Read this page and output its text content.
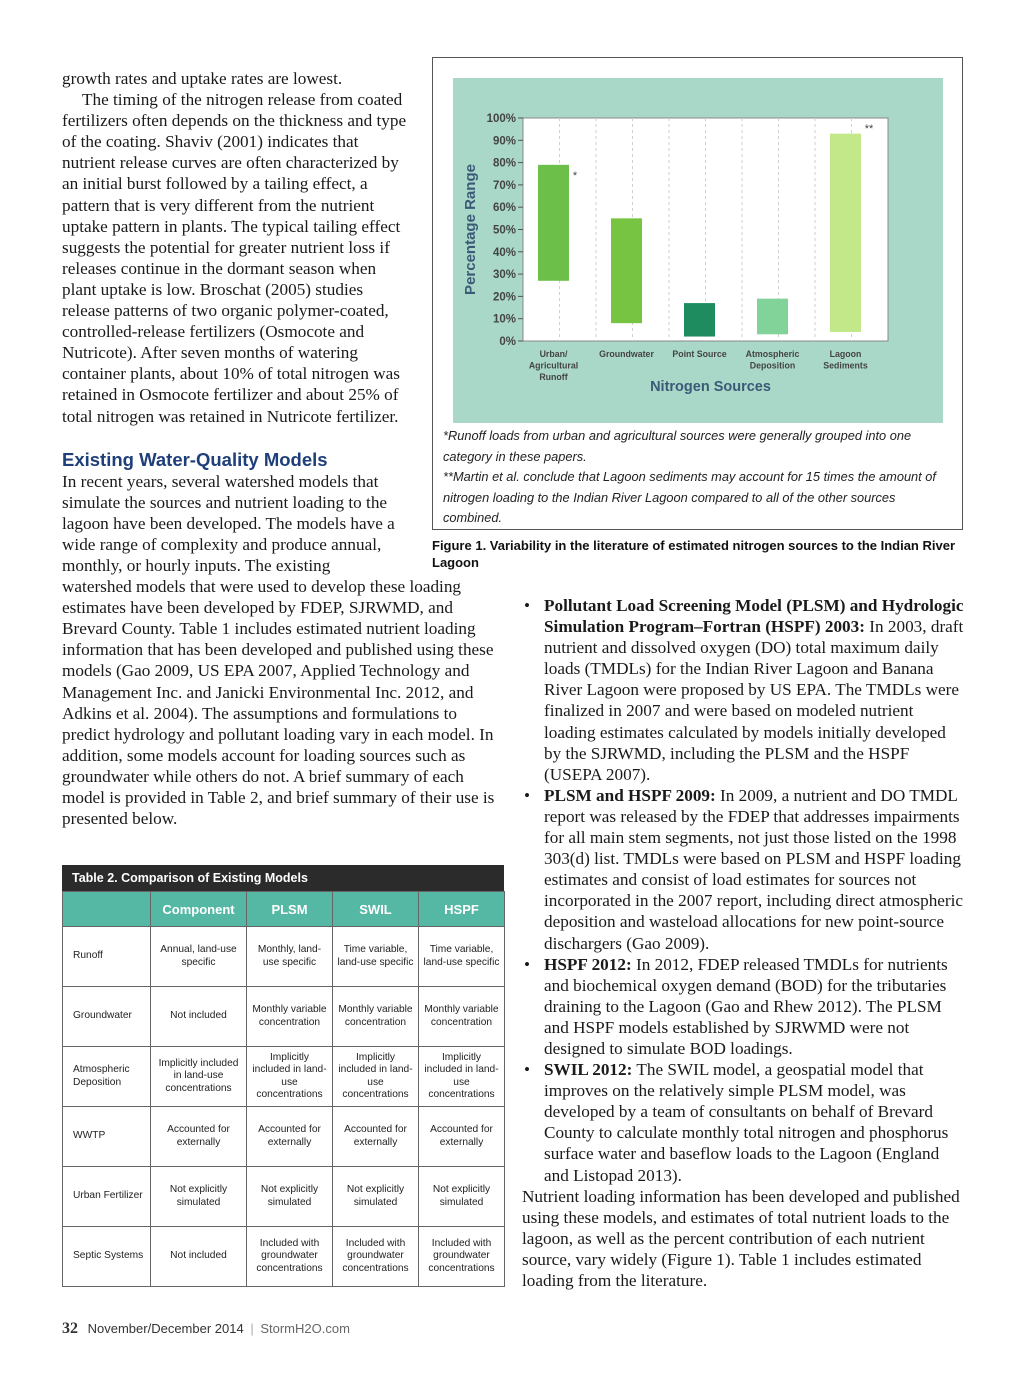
growth rates and uptake rates are lowest.

The timing of the nitrogen release from coated fertilizers often depends on the thickness and type of the coating. Shaviv (2001) indicates that nutrient release curves are often characterized by an initial burst followed by a tailing effect, a pattern that is very different from the nutrient uptake pattern in plants. The typical tailing effect suggests the potential for greater nutrient loss if releases continue in the dormant season when plant uptake is low. Broschat (2005) studies release patterns of two organic polymer-coated, controlled-release fertilizers (Osmocote and Nutricote). After seven months of watering container plants, about 10% of total nitrogen was retained in Osmocote fertilizer and about 25% of total nitrogen was retained in Nutricote fertilizer.

Existing Water-Quality Models

In recent years, several watershed models that simulate the sources and nutrient loading to the lagoon have been developed. The models have a wide range of complexity and produce annual, monthly, or hourly inputs. The existing

watershed models that were used to develop these loading estimates have been developed by FDEP, SJRWMD, and Brevard County. Table 1 includes estimated nutrient loading information that has been developed and published using these models (Gao 2009, US EPA 2007, Applied Technology and Management Inc. and Janicki Environmental Inc. 2012, and Adkins et al. 2004). The assumptions and formulations to predict hydrology and pollutant loading vary in each model. In addition, some models account for loading sources such as groundwater while others do not. A brief summary of each model is provided in Table 2, and brief summary of their use is presented below.

0%
10%
20%
30%
40%
50%
60%
70%
80%
90%
100%
Percentage Range	*
Urban/
Agricultural
Runoff
Groundwater Point Source Atmospheric
Deposition
**
Lagoon
Sediments
Nitrogen Sources
*Runoff loads from urban and agricultural sources were generally grouped into one category in these papers.
**Martin et al. conclude that Lagoon sediments may account for 15 times the amount of nitrogen loading to the Indian River Lagoon compared to all of the other sources combined.
Figure 1. Variability in the literature of estimated nitrogen sources to the Indian River Lagoon
• Pollutant Load Screening Model (PLSM) and Hydrologic Simulation Program–Fortran (HSPF) 2003: In 2003, draft nutrient and dissolved oxygen (DO) total maximum daily loads (TMDLs) for the Indian River Lagoon and Banana River Lagoon were proposed by US EPA. The TMDLs were finalized in 2007 and were based on modeled nutrient loading estimates calculated by models initially developed by the SJRWMD, including the PLSM and the HSPF (USEPA 2007).
• PLSM and HSPF 2009: In 2009, a nutrient and DO TMDL report was released by the FDEP that addresses impairments for all main stem segments, not just those listed on the 1998 303(d) list. TMDLs were based on PLSM and HSPF loading estimates and consist of load estimates for sources not incorporated in the 2007 report, including direct atmospheric deposition and wasteload allocations for new point-source dischargers (Gao 2009).
• HSPF 2012: In 2012, FDEP released TMDLs for nutrients and biochemical oxygen demand (BOD) for the tributaries draining to the Lagoon (Gao and Rhew 2012). The PLSM and HSPF models established by SJRWMD were not designed to simulate BOD loadings.
• SWIL 2012: The SWIL model, a geospatial model that improves on the relatively simple PLSM model, was developed by a team of consultants on behalf of Brevard County to calculate monthly total nitrogen and phosphorus surface water and baseflow loads to the Lagoon (England and Listopad 2013).

Nutrient loading information has been developed and published using these models, and estimates of total nutrient loads to the lagoon, as well as the percent contribution of each nutrient source, vary widely (Figure 1). Table 1 includes estimated loading from the literature.

Table 2. Comparison of Existing Models
	Component	PLSM	SWIL	HSPF
Runoff	Annual, land-use specific	Monthly, land-use specific	Time variable, land-use specific	Time variable, land-use specific
Groundwater	Not included	Monthly variable concentration	Monthly variable concentration	Monthly variable concentration
Atmospheric Deposition	Implicitly included in land-use concentrations	Implicitly included in land-use concentrations	Implicitly included in land-use concentrations	Implicitly included in land-use concentrations
WWTP	Accounted for externally	Accounted for externally	Accounted for externally	Accounted for externally
Urban Fertilizer	Not explicitly simulated	Not explicitly simulated	Not explicitly simulated	Not explicitly simulated
Septic Systems	Not included	Included with groundwater concentrations	Included with groundwater concentrations	Included with groundwater concentrations
32 November/December 2014 | StormH2O.com
